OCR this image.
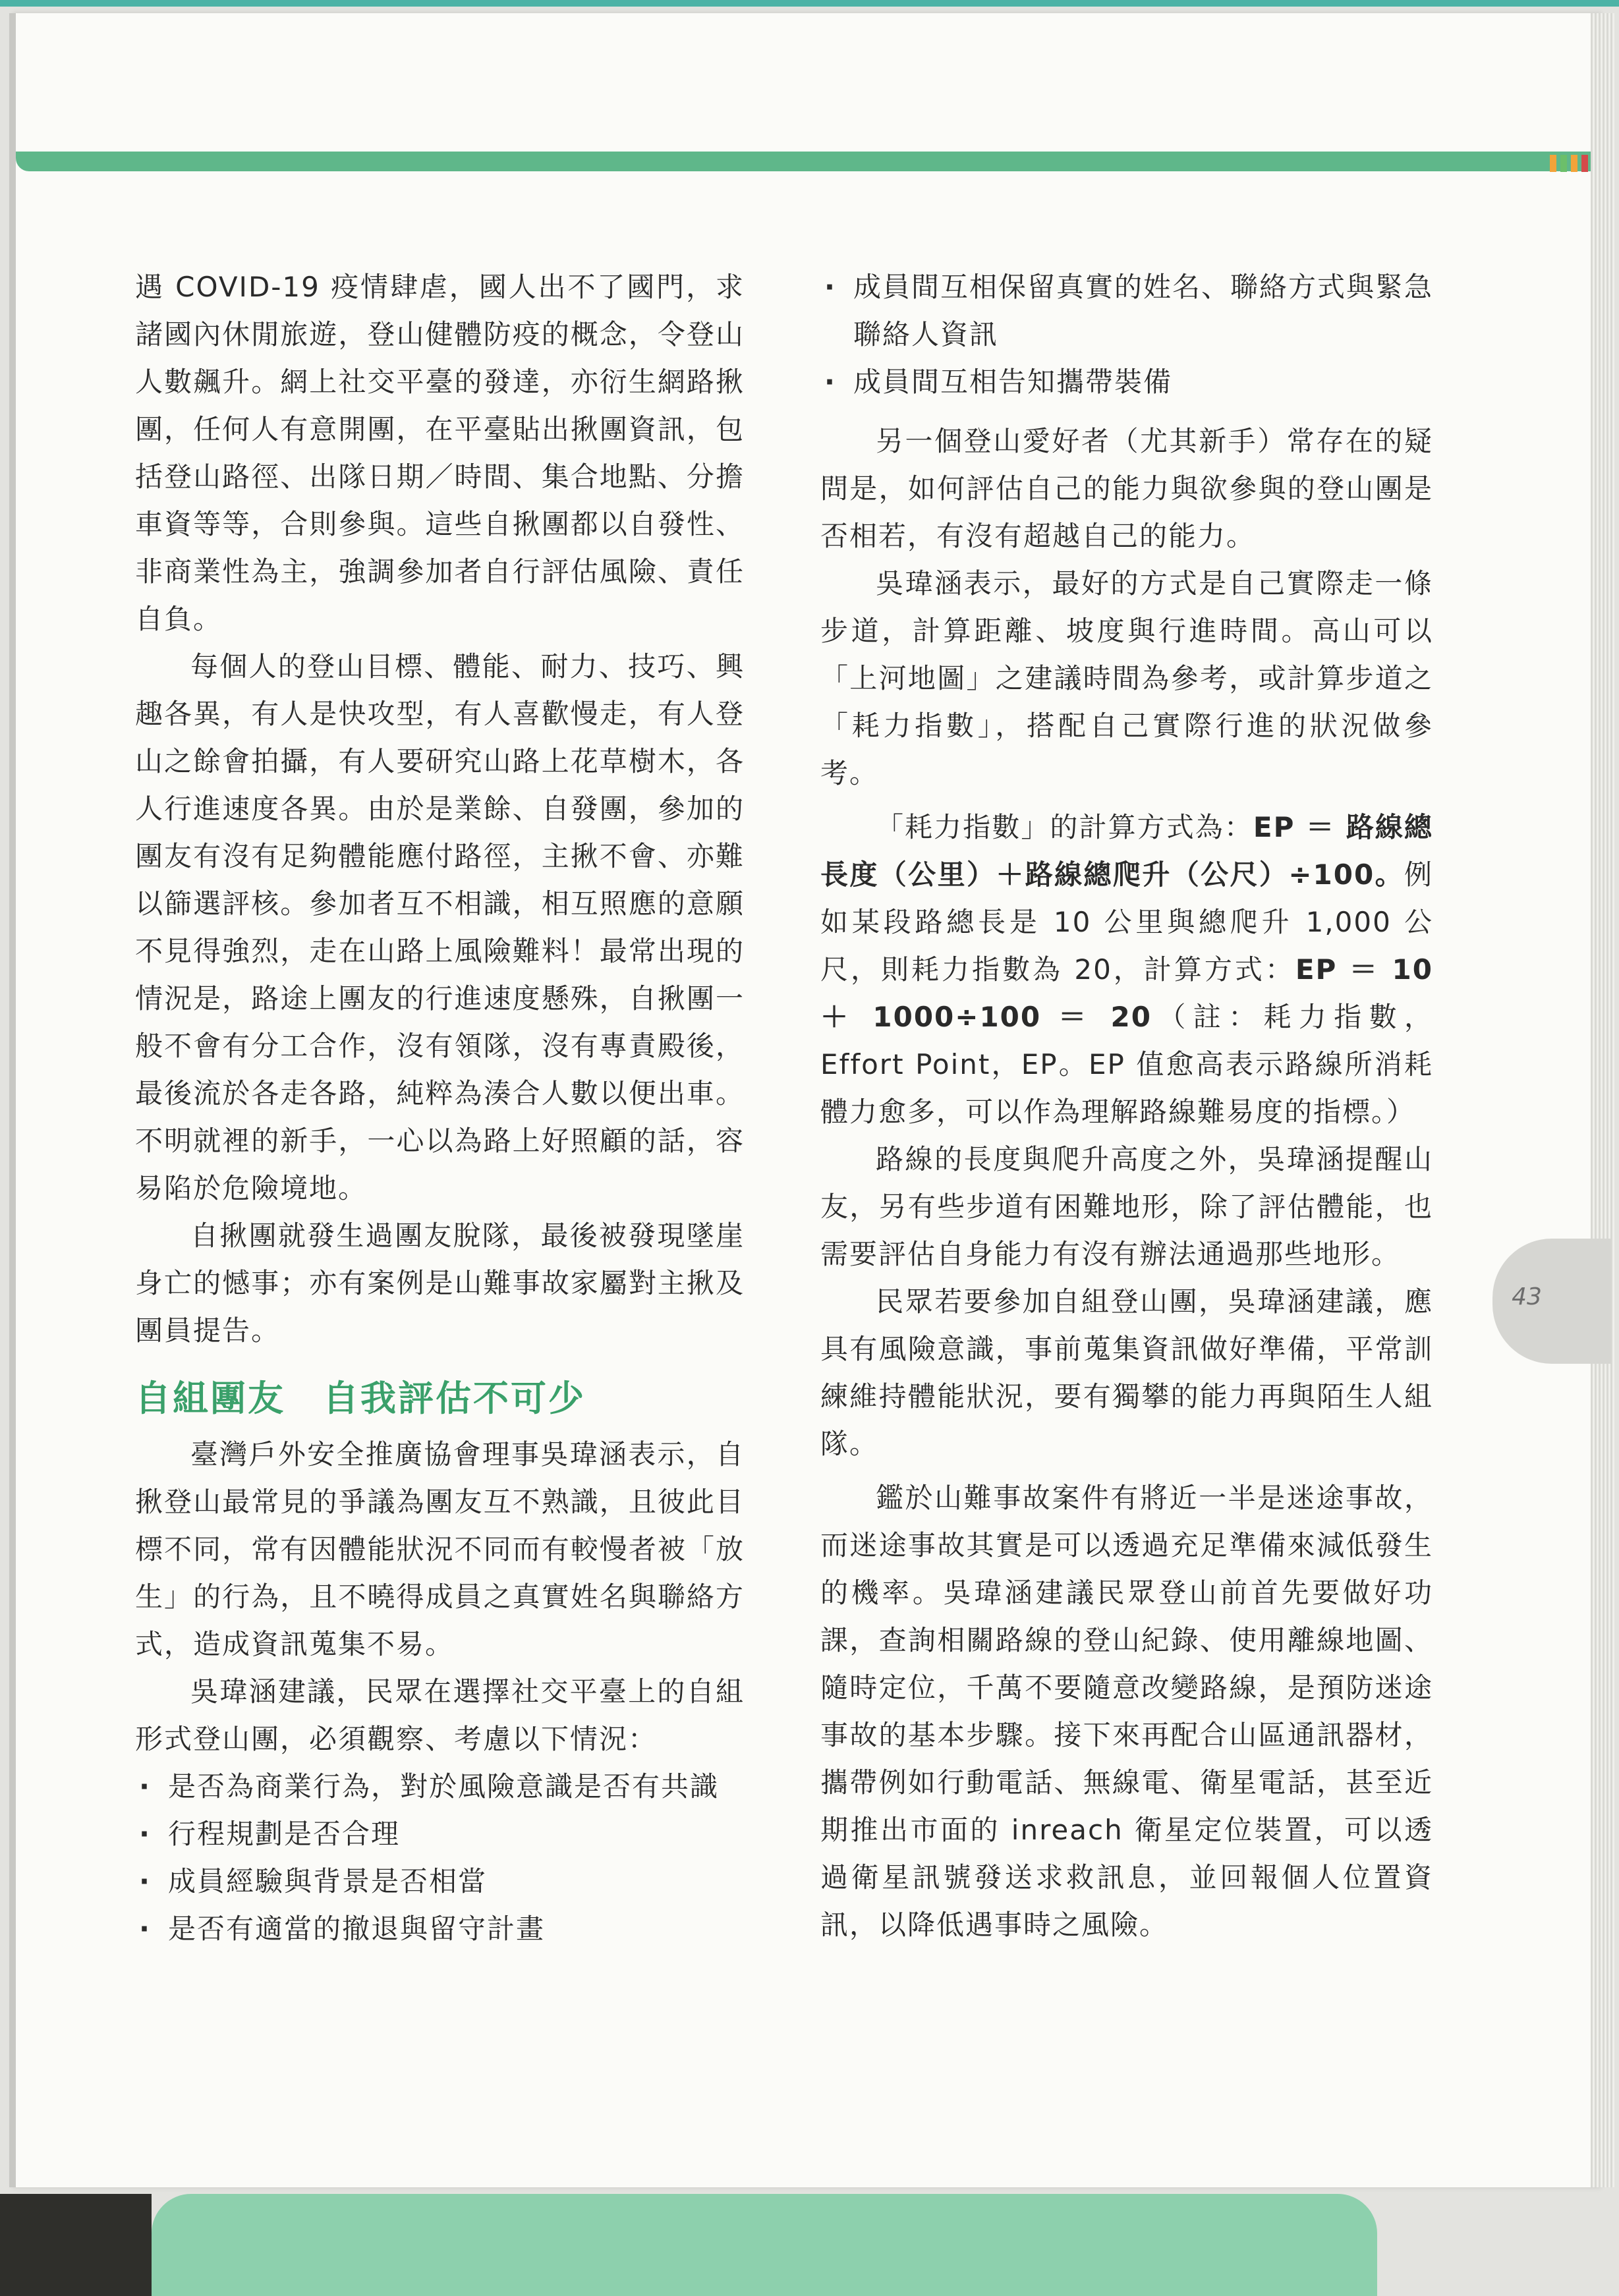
43

遇 COVID-19 疫情肆虐，國人出不了國門，求諸國內休閒旅遊，登山健體防疫的概念，令登山人數飆升。網上社交平臺的發達，亦衍生網路揪團，任何人有意開團，在平臺貼出揪團資訊，包括登山路徑、出隊日期／時間、集合地點、分擔車資等等，合則參與。這些自揪團都以自發性、非商業性為主，強調參加者自行評估風險、責任自負。

每個人的登山目標、體能、耐力、技巧、興趣各異，有人是快攻型，有人喜歡慢走，有人登山之餘會拍攝，有人要研究山路上花草樹木，各人行進速度各異。由於是業餘、自發團，參加的團友有沒有足夠體能應付路徑，主揪不會、亦難以篩選評核。參加者互不相識，相互照應的意願不見得強烈，走在山路上風險難料！最常出現的情況是，路途上團友的行進速度懸殊，自揪團一般不會有分工合作，沒有領隊，沒有專責殿後，最後流於各走各路，純粹為湊合人數以便出車。不明就裡的新手，一心以為路上好照顧的話，容易陷於危險境地。

自揪團就發生過團友脫隊，最後被發現墜崖身亡的憾事；亦有案例是山難事故家屬對主揪及團員提告。

自組團友　自我評估不可少

臺灣戶外安全推廣協會理事吳瑋涵表示，自揪登山最常見的爭議為團友互不熟識，且彼此目標不同，常有因體能狀況不同而有較慢者被「放生」的行為，且不曉得成員之真實姓名與聯絡方式，造成資訊蒐集不易。

吳瑋涵建議，民眾在選擇社交平臺上的自組形式登山團，必須觀察、考慮以下情況：

· 是否為商業行為，對於風險意識是否有共識
· 行程規劃是否合理
· 成員經驗與背景是否相當
· 是否有適當的撤退與留守計畫
· 成員間互相保留真實的姓名、聯絡方式與緊急聯絡人資訊
· 成員間互相告知攜帶裝備

另一個登山愛好者（尤其新手）常存在的疑問是，如何評估自己的能力與欲參與的登山團是否相若，有沒有超越自己的能力。

吳瑋涵表示，最好的方式是自己實際走一條步道，計算距離、坡度與行進時間。高山可以「上河地圖」之建議時間為參考，或計算步道之「耗力指數」，搭配自己實際行進的狀況做參考。

「耗力指數」的計算方式為：EP ＝ 路線總長度（公里）＋路線總爬升（公尺）÷100。例如某段路總長是 10 公里與總爬升 1,000 公尺，則耗力指數為 20，計算方式：EP ＝ 10 ＋ 1000÷100 ＝ 20（註：耗力指數，Effort Point，EP。EP 值愈高表示路線所消耗體力愈多，可以作為理解路線難易度的指標。）

路線的長度與爬升高度之外，吳瑋涵提醒山友，另有些步道有困難地形，除了評估體能，也需要評估自身能力有沒有辦法通過那些地形。

民眾若要參加自組登山團，吳瑋涵建議，應具有風險意識，事前蒐集資訊做好準備，平常訓練維持體能狀況，要有獨攀的能力再與陌生人組隊。

鑑於山難事故案件有將近一半是迷途事故，而迷途事故其實是可以透過充足準備來減低發生的機率。吳瑋涵建議民眾登山前首先要做好功課，查詢相關路線的登山紀錄、使用離線地圖、隨時定位，千萬不要隨意改變路線，是預防迷途事故的基本步驟。接下來再配合山區通訊器材，攜帶例如行動電話、無線電、衛星電話，甚至近期推出市面的 inreach 衛星定位裝置，可以透過衛星訊號發送求救訊息，並回報個人位置資訊，以降低遇事時之風險。
